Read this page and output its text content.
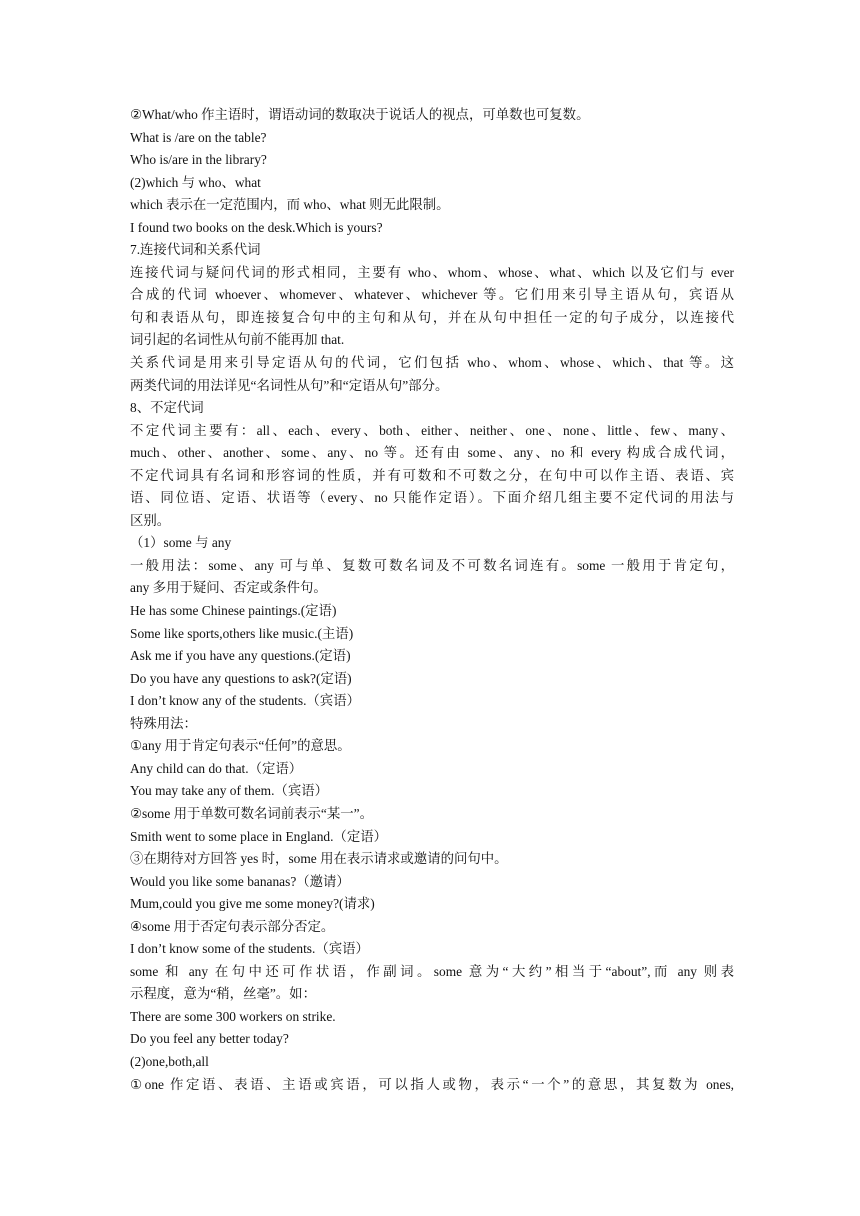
②What/who 作主语时，谓语动词的数取决于说话人的视点，可单数也可复数。
What is /are on the table?
Who is/are in the library?
(2)which 与 who、what
which 表示在一定范围内，而 who、what 则无此限制。
I found two books on the desk.Which is yours?
7.连接代词和关系代词
连接代词与疑问代词的形式相同，主要有 who、whom、whose、what、which 以及它们与 ever
合成的代词 whoever、whomever、whatever、whichever 等。它们用来引导主语从句，宾语从
句和表语从句，即连接复合句中的主句和从句，并在从句中担任一定的句子成分，以连接代
词引起的名词性从句前不能再加 that.
关系代词是用来引导定语从句的代词，它们包括 who、whom、whose、which、that 等。这
两类代词的用法详见“名词性从句”和“定语从句”部分。
8、不定代词
不定代词主要有：all、each、every、both、either、neither、one、none、little、few、many、
much、other、another、some、any、no 等。还有由 some、any、no 和 every 构成合成代词，
不定代词具有名词和形容词的性质，并有可数和不可数之分，在句中可以作主语、表语、宾
语、同位语、定语、状语等（every、no 只能作定语）。下面介绍几组主要不定代词的用法与
区别。
（1）some 与 any
一般用法：some、any 可与单、复数可数名词及不可数名词连有。some 一般用于肯定句，
any 多用于疑问、否定或条件句。
He has some Chinese paintings.(定语)
Some like sports,others like music.(主语)
Ask me if you have any questions.(定语)
Do you have any questions to ask?(定语)
I don’t know any of the students.（宾语）
特殊用法：
①any 用于肯定句表示“任何”的意思。
Any child can do that.（定语）
You may take any of them.（宾语）
②some 用于单数可数名词前表示“某一”。
Smith went to some place in England.（定语）
③在期待对方回答 yes 时，some 用在表示请求或邀请的问句中。
Would you like some bananas?（邀请）
Mum,could you give me some money?(请求)
④some 用于否定句表示部分否定。
I don’t know some of the students.（宾语）
some 和 any 在句中还可作状语，作副词。some 意为“大约”相当于“about”,而 any 则表
示程度，意为“稍，丝毫”。如：
There are some 300 workers on strike.
Do you feel any better today?
(2)one,both,all
①one 作定语、表语、主语或宾语，可以指人或物，表示“一个”的意思，其复数为 ones,
